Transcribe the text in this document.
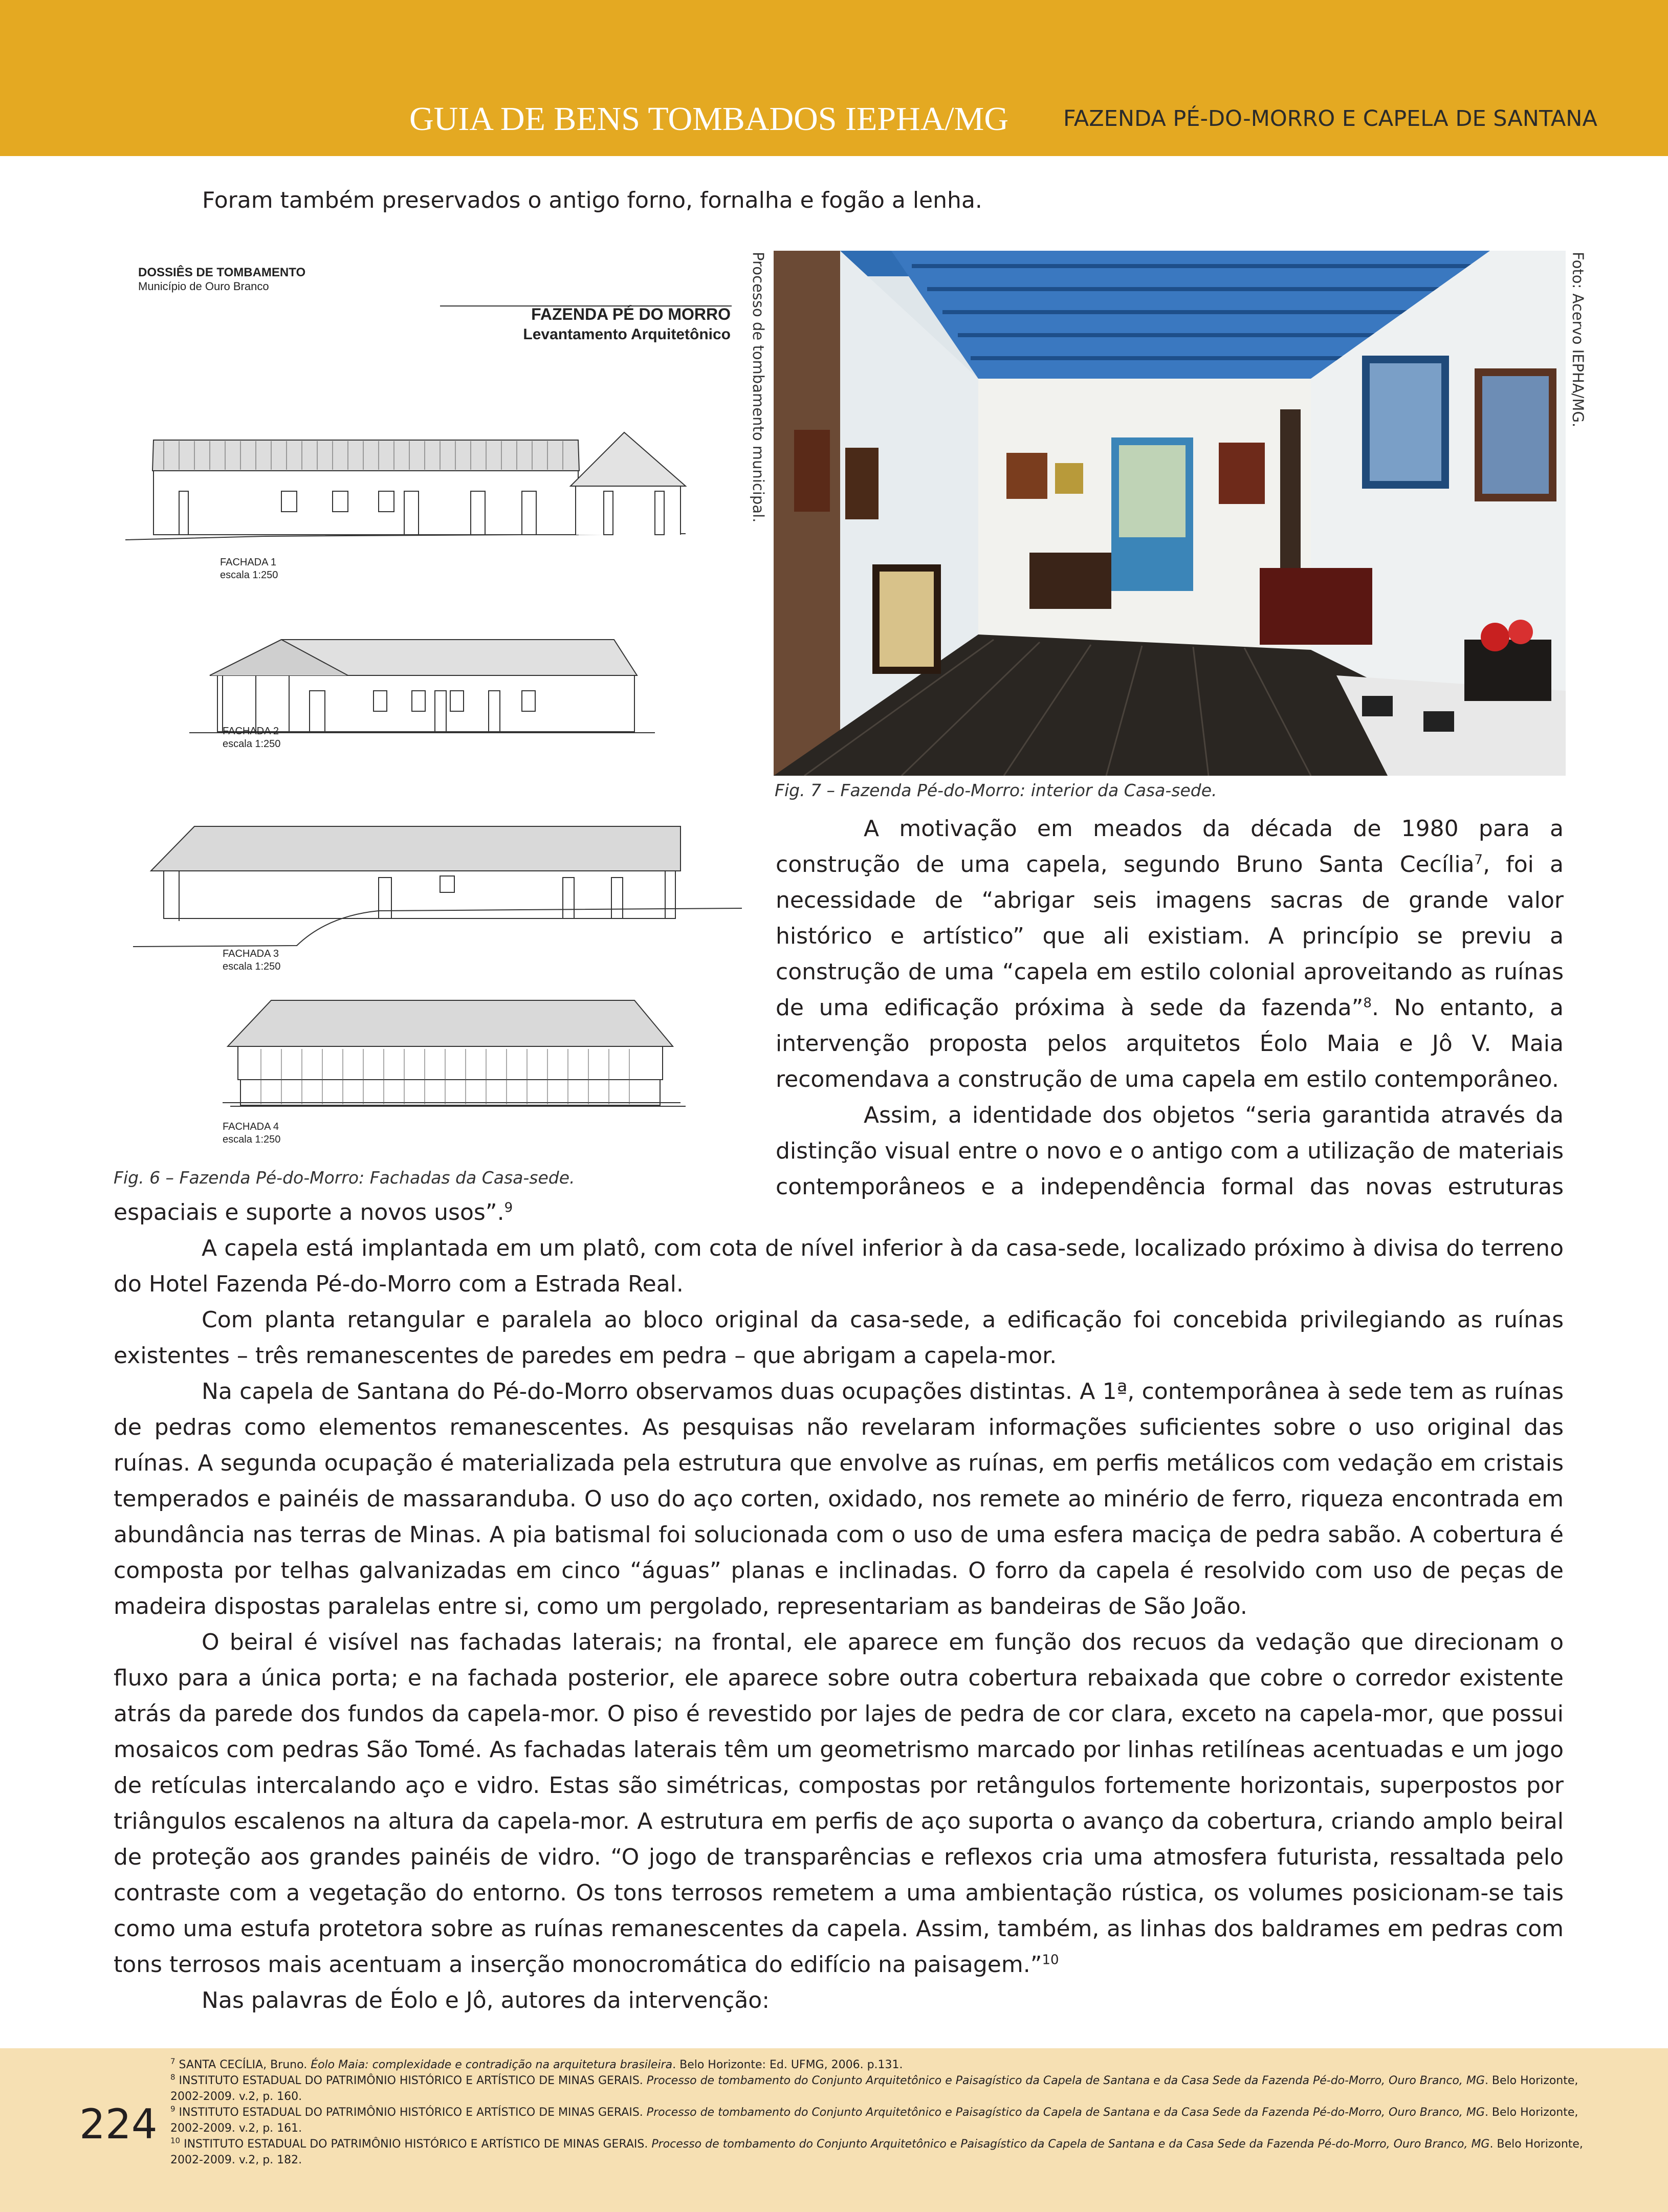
GUIA DE BENS TOMBADOS IEPHA/MG FAZENDA PÉ-DO-MORRO E CAPELA DE SANTANA

Foram também preservados o antigo forno, fornalha e fogão a lenha.

DOSSIÊS DE TOMBAMENTO
Município de Ouro Branco
FAZENDA PÉ DO MORRO
Levantamento Arquitetônico
FACHADA 1
escala 1:250
FACHADA 2
escala 1:250
FACHADA 3
escala 1:250
FACHADA 4
escala 1:250
Processo de tombamento municipal.
Fig. 6 – Fazenda Pé-do-Morro: Fachadas da Casa-sede.
Foto: Acervo IEPHA/MG.
Fig. 7 – Fazenda Pé-do-Morro: interior da Casa-sede.

A motivação em meados da década de 1980 para a construção de uma capela, segundo Bruno Santa Cecília$^7$, foi a necessidade de “abrigar seis imagens sacras de grande valor histórico e artístico” que ali existiam. A princípio se previu a construção de uma “capela em estilo colonial aproveitando as ruínas de uma edificação próxima à sede da fazenda”$^8$. No entanto, a intervenção proposta pelos arquitetos Éolo Maia e Jô V. Maia recomendava a construção de uma capela em estilo contemporâneo.

Assim, a identidade dos objetos “seria garantida através da distinção visual entre o novo e o antigo com a utilização de materiais contemporâneos e a independência formal das novas estruturas

espaciais e suporte a novos usos”.$^9$

A capela está implantada em um platô, com cota de nível inferior à da casa-sede, localizado próximo à divisa do terreno do Hotel Fazenda Pé-do-Morro com a Estrada Real.

Com planta retangular e paralela ao bloco original da casa-sede, a edificação foi concebida privilegiando as ruínas existentes – três remanescentes de paredes em pedra – que abrigam a capela-mor.

Na capela de Santana do Pé-do-Morro observamos duas ocupações distintas. A 1ª, contemporânea à sede tem as ruínas de pedras como elementos remanescentes. As pesquisas não revelaram informações suficientes sobre o uso original das ruínas. A segunda ocupação é materializada pela estrutura que envolve as ruínas, em perfis metálicos com vedação em cristais temperados e painéis de massaranduba. O uso do aço corten, oxidado, nos remete ao minério de ferro, riqueza encontrada em abundância nas terras de Minas. A pia batismal foi solucionada com o uso de uma esfera maciça de pedra sabão. A cobertura é composta por telhas galvanizadas em cinco “águas” planas e inclinadas. O forro da capela é resolvido com uso de peças de madeira dispostas paralelas entre si, como um pergolado, representariam as bandeiras de São João.

O beiral é visível nas fachadas laterais; na frontal, ele aparece em função dos recuos da vedação que direcionam o fluxo para a única porta; e na fachada posterior, ele aparece sobre outra cobertura rebaixada que cobre o corredor existente atrás da parede dos fundos da capela-mor. O piso é revestido por lajes de pedra de cor clara, exceto na capela-mor, que possui mosaicos com pedras São Tomé. As fachadas laterais têm um geometrismo marcado por linhas retilíneas acentuadas e um jogo de retículas intercalando aço e vidro. Estas são simétricas, compostas por retângulos fortemente horizontais, superpostos por triângulos escalenos na altura da capela-mor. A estrutura em perfis de aço suporta o avanço da cobertura, criando amplo beiral de proteção aos grandes painéis de vidro. “O jogo de transparências e reflexos cria uma atmosfera futurista, ressaltada pelo contraste com a vegetação do entorno. Os tons terrosos remetem a uma ambientação rústica, os volumes posicionam-se tais como uma estufa protetora sobre as ruínas remanescentes da capela. Assim, também, as linhas dos baldrames em pedras com tons terrosos mais acentuam a inserção monocromática do edifício na paisagem.”$^{10}$

Nas palavras de Éolo e Jô, autores da intervenção:

224

$^7$ SANTA CECÍLIA, Bruno. Éolo Maia: complexidade e contradição na arquitetura brasileira. Belo Horizonte: Ed. UFMG, 2006. p.131.

$^8$ INSTITUTO ESTADUAL DO PATRIMÔNIO HISTÓRICO E ARTÍSTICO DE MINAS GERAIS. Processo de tombamento do Conjunto Arquitetônico e Paisagístico da Capela de Santana e da Casa Sede da Fazenda Pé-do-Morro, Ouro Branco, MG. Belo Horizonte, 2002-2009. v.2, p. 160.

$^9$ INSTITUTO ESTADUAL DO PATRIMÔNIO HISTÓRICO E ARTÍSTICO DE MINAS GERAIS. Processo de tombamento do Conjunto Arquitetônico e Paisagístico da Capela de Santana e da Casa Sede da Fazenda Pé-do-Morro, Ouro Branco, MG. Belo Horizonte, 2002-2009. v.2, p. 161.

$^{10}$ INSTITUTO ESTADUAL DO PATRIMÔNIO HISTÓRICO E ARTÍSTICO DE MINAS GERAIS. Processo de tombamento do Conjunto Arquitetônico e Paisagístico da Capela de Santana e da Casa Sede da Fazenda Pé-do-Morro, Ouro Branco, MG. Belo Horizonte, 2002-2009. v.2, p. 182.
